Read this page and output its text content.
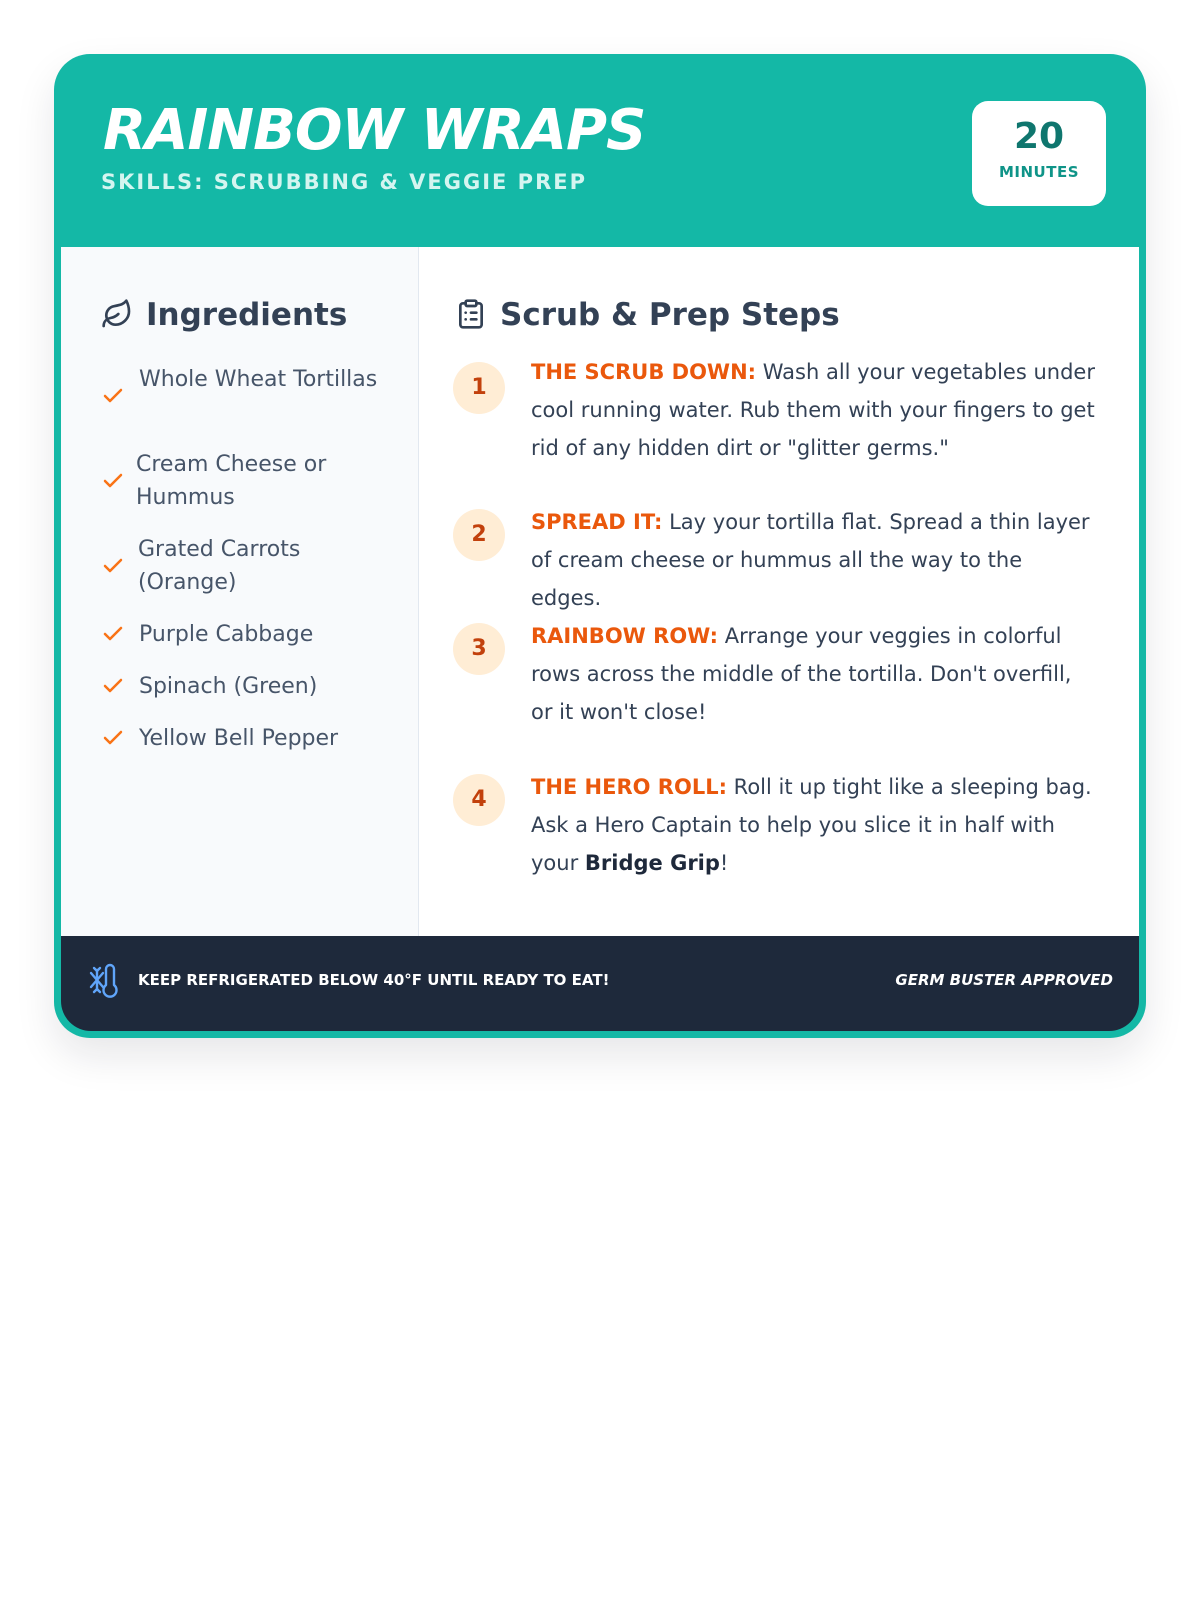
RAINBOW WRAPS
SKILLS: SCRUBBING & VEGGIE PREP
20
MINUTES
Ingredients
Whole Wheat Tortillas
Cream Cheese or Hummus
Grated Carrots (Orange)
Purple Cabbage
Spinach (Green)
Yellow Bell Pepper
Scrub & Prep Steps
1

THE SCRUB DOWN: Wash all your vegetables under cool running water. Rub them with your fingers to get rid of any hidden dirt or "glitter germs."

2	SPREAD IT: Lay your tortilla flat. Spread a thin layer of cream cheese or hummus all the way to the edges.

3	RAINBOW ROW: Arrange your veggies in colorful rows across the middle of the tortilla. Don't overfill, or it won't close!

4	THE HERO ROLL: Roll it up tight like a sleeping bag. Ask a Hero Captain to help you slice it in half with your Bridge Grip!

KEEP REFRIGERATED BELOW 40°F UNTIL READY TO EAT!	GERM BUSTER APPROVED
